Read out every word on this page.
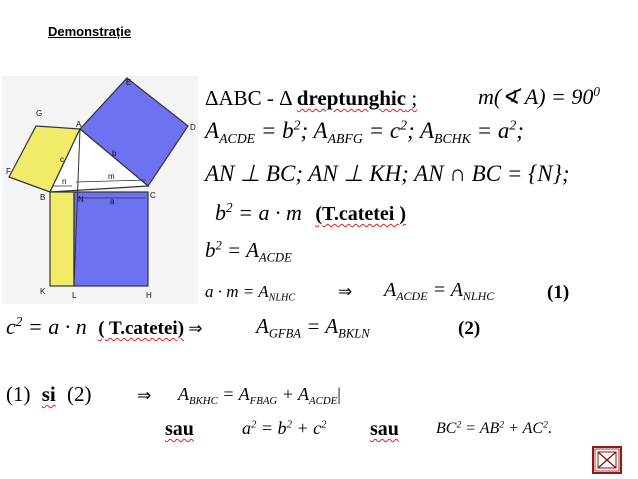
Demonstrație
E
G
A	D
F
c
b
n
m
B	N	a
C
K	L	H
ΔABC - Δ dreptunghic ;	m(∢ $A) = 90^0$
$A_{ACDE} = b^2$; $A_{ABFG} = c^2$; $A_{BCHK} = a^2$;
AN ⊥ BC; AN ⊥ KH; AN ∩ BC = {N};
$b^2 = a \cdot m$ (T.catetei )
$b^2 = A_{ACDE}$
$a \cdot m = A_{NLHC}$	⇒ $A_{ACDE} = A_{NLHC}$	(1)
$c^2 = a \cdot n$ ( T.catetei) ⇒	$A_{GFBA} = A_{BKLN}$	(2)
(1) si (2)	⇒ $A_{BKHC} = A_{FBAG} + A_{ACDE}|$
sau	$a^2 = b^2 + c^2$ sau $BC^2 = AB^2 + AC^2$.
